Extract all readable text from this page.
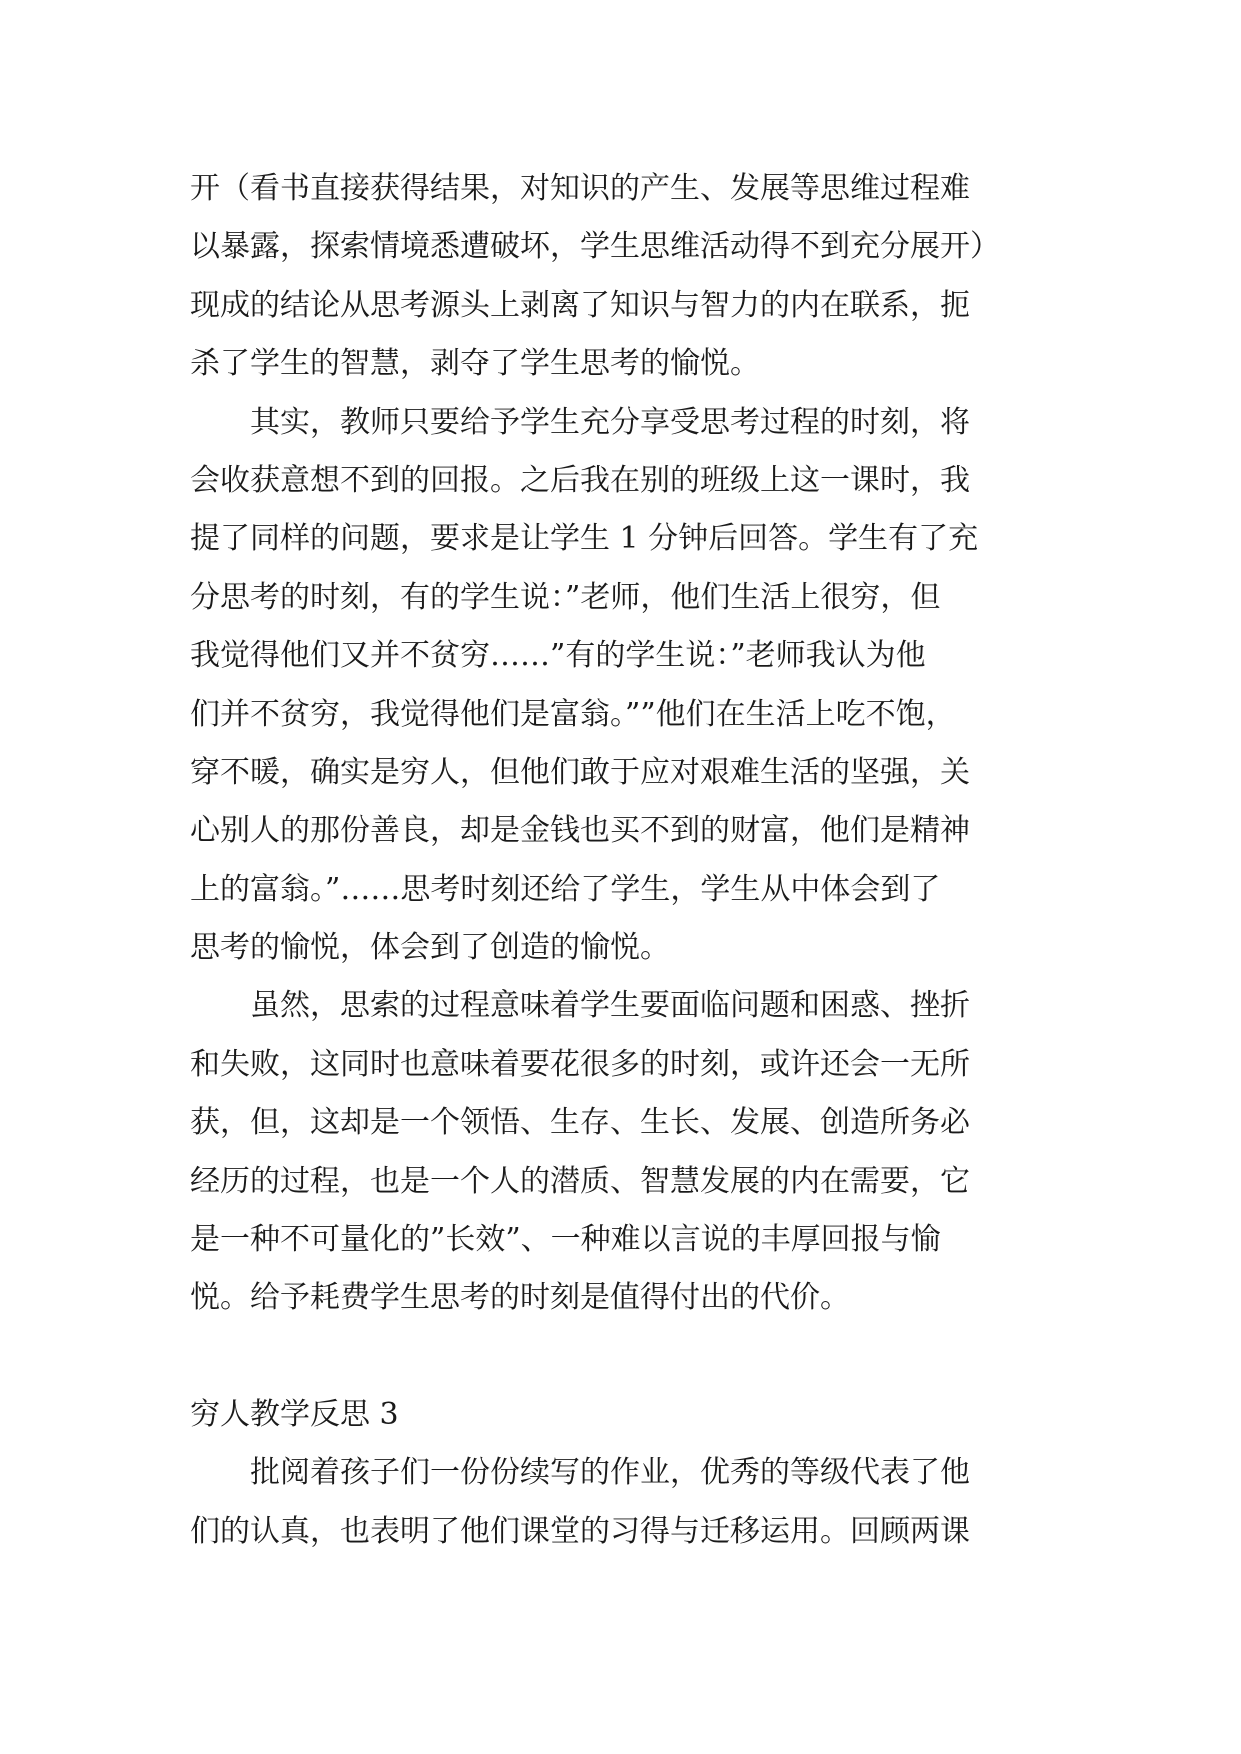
开（看书直接获得结果，对知识的产生、发展等思维过程难
以暴露，探索情境悉遭破坏，学生思维活动得不到充分展开）
现成的结论从思考源头上剥离了知识与智力的内在联系，扼
杀了学生的智慧，剥夺了学生思考的愉悦。
其实，教师只要给予学生充分享受思考过程的时刻，将
会收获意想不到的回报。之后我在别的班级上这一课时，我
提了同样的问题，要求是让学生 1 分钟后回答。学生有了充
分思考的时刻，有的学生说：”老师，他们生活上很穷，但
我觉得他们又并不贫穷……”有的学生说：”老师我认为他
们并不贫穷，我觉得他们是富翁。””他们在生活上吃不饱，
穿不暖，确实是穷人，但他们敢于应对艰难生活的坚强，关
心别人的那份善良，却是金钱也买不到的财富，他们是精神
上的富翁。”……思考时刻还给了学生，学生从中体会到了
思考的愉悦，体会到了创造的愉悦。
虽然，思索的过程意味着学生要面临问题和困惑、挫折
和失败，这同时也意味着要花很多的时刻，或许还会一无所
获，但，这却是一个领悟、生存、生长、发展、创造所务必
经历的过程，也是一个人的潜质、智慧发展的内在需要，它
是一种不可量化的”长效”、一种难以言说的丰厚回报与愉
悦。给予耗费学生思考的时刻是值得付出的代价。
穷人教学反思 3
批阅着孩子们一份份续写的作业，优秀的等级代表了他
们的认真，也表明了他们课堂的习得与迁移运用。回顾两课
